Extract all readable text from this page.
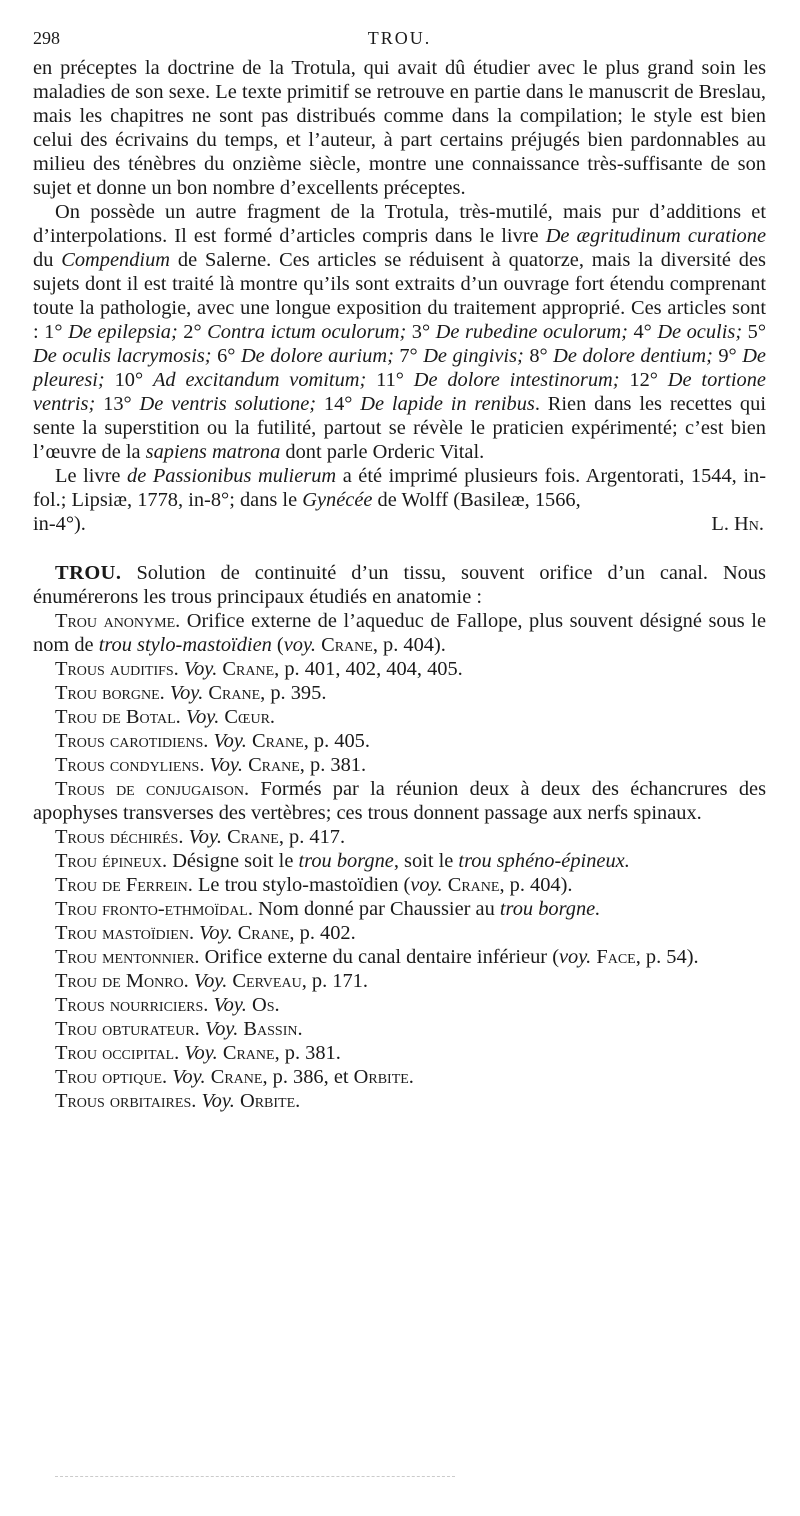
298	TROU.

en préceptes la doctrine de la Trotula, qui avait dû étudier avec le plus grand soin les maladies de son sexe. Le texte primitif se retrouve en partie dans le manuscrit de Breslau, mais les chapitres ne sont pas distribués comme dans la compilation; le style est bien celui des écrivains du temps, et l’auteur, à part certains préjugés bien pardonnables au milieu des ténèbres du onzième siècle, montre une connaissance très-suffisante de son sujet et donne un bon nombre d’excellents préceptes.

On possède un autre fragment de la Trotula, très-mutilé, mais pur d’additions et d’interpolations. Il est formé d’articles compris dans le livre De ægritudinum curatione du Compendium de Salerne. Ces articles se réduisent à quatorze, mais la diversité des sujets dont il est traité là montre qu’ils sont extraits d’un ouvrage fort étendu comprenant toute la pathologie, avec une longue exposition du traitement approprié. Ces articles sont : 1° De epilepsia; 2° Contra ictum oculorum; 3° De rubedine oculorum; 4° De oculis; 5° De oculis lacrymosis; 6° De dolore aurium; 7° De gingivis; 8° De dolore dentium; 9° De pleuresi; 10° Ad excitandum vomitum; 11° De dolore intestinorum; 12° De tortione ventris; 13° De ventris solutione; 14° De lapide in renibus. Rien dans les recettes qui sente la superstition ou la futilité, partout se révèle le praticien expérimenté; c’est bien l’œuvre de la sapiens matrona dont parle Orderic Vital.

Le livre de Passionibus mulierum a été imprimé plusieurs fois. Argentorati, 1544, in-fol.; Lipsiæ, 1778, in-8°; dans le Gynécée de Wolff (Basileæ, 1566,

in-4°).	L. Hn.

TROU. Solution de continuité d’un tissu, souvent orifice d’un canal. Nous énumérerons les trous principaux étudiés en anatomie :

Trou anonyme. Orifice externe de l’aqueduc de Fallope, plus souvent désigné sous le nom de trou stylo-mastoïdien (voy. Crane, p. 404).

Trous auditifs. Voy. Crane, p. 401, 402, 404, 405.

Trou borgne. Voy. Crane, p. 395.

Trou de Botal. Voy. Cœur.

Trous carotidiens. Voy. Crane, p. 405.

Trous condyliens. Voy. Crane, p. 381.

Trous de conjugaison. Formés par la réunion deux à deux des échancrures des apophyses transverses des vertèbres; ces trous donnent passage aux nerfs spinaux.

Trous déchirés. Voy. Crane, p. 417.

Trou épineux. Désigne soit le trou borgne, soit le trou sphéno-épineux.

Trou de Ferrein. Le trou stylo-mastoïdien (voy. Crane, p. 404).

Trou fronto-ethmoïdal. Nom donné par Chaussier au trou borgne.

Trou mastoïdien. Voy. Crane, p. 402.

Trou mentonnier. Orifice externe du canal dentaire inférieur (voy. Face, p. 54).

Trou de Monro. Voy. Cerveau, p. 171.

Trous nourriciers. Voy. Os.

Trou obturateur. Voy. Bassin.

Trou occipital. Voy. Crane, p. 381.

Trou optique. Voy. Crane, p. 386, et Orbite.

Trous orbitaires. Voy. Orbite.
